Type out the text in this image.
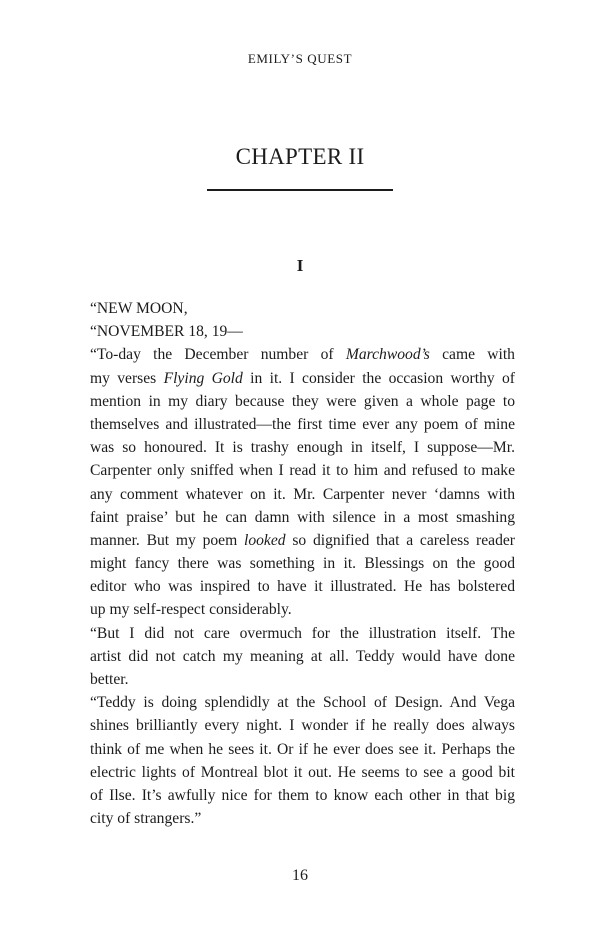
EMILY’S QUEST
CHAPTER II
I
“NEW MOON,
“NOVEMBER 18, 19—
“To-day the December number of Marchwood’s came with
my verses Flying Gold in it. I consider the occasion worthy of
mention in my diary because they were given a whole page to
themselves and illustrated—the first time ever any poem of mine
was so honoured. It is trashy enough in itself, I suppose—Mr.
Carpenter only sniffed when I read it to him and refused to make
any comment whatever on it. Mr. Carpenter never ‘damns with
faint praise’ but he can damn with silence in a most smashing
manner. But my poem looked so dignified that a careless reader
might fancy there was something in it. Blessings on the good
editor who was inspired to have it illustrated. He has bolstered
up my self-respect considerably.
“But I did not care overmuch for the illustration itself. The
artist did not catch my meaning at all. Teddy would have done
better.
“Teddy is doing splendidly at the School of Design. And Vega
shines brilliantly every night. I wonder if he really does always
think of me when he sees it. Or if he ever does see it. Perhaps the
electric lights of Montreal blot it out. He seems to see a good bit
of Ilse. It’s awfully nice for them to know each other in that big
city of strangers.”
16
